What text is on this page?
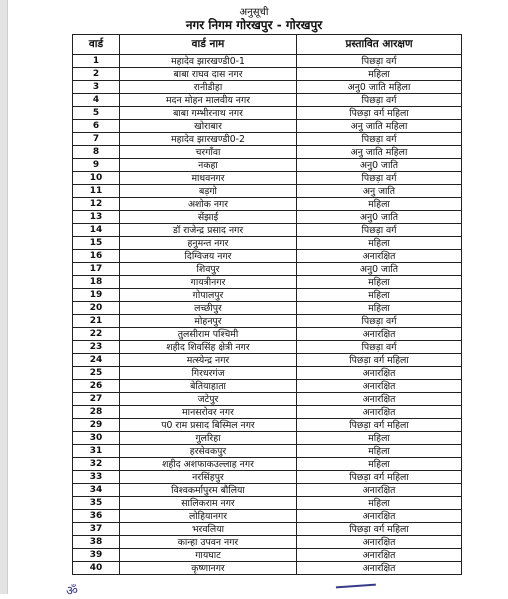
अनुसूची
नगर निगम गोरखपुर - गोरखपुर
वार्ड	वार्ड नाम	प्रस्तावित आरक्षण
1	महादेव झारखण्डी0-1	पिछड़ा वर्ग
2	बाबा राघव दास नगर	महिला
3	रानीडीहा	अनु0 जाति महिला
4	मदन मोहन मालवीय नगर	पिछड़ा वर्ग
5	बाबा गम्भीरनाथ नगर	पिछड़ा वर्ग महिला
6	खोराबार	अनु जाति महिला
7	महादेव झारखण्डी0-2	पिछड़ा वर्ग
8	चरगाँवा	अनु जाति महिला
9	नकहा	अनु0 जाति
10	माधवनगर	पिछड़ा वर्ग
11	बड़गो	अनु जाति
12	अशोक नगर	महिला
13	सेंझाई	अनु0 जाति
14	डॉ राजेन्द्र प्रसाद नगर	पिछड़ा वर्ग
15	हनुमन्त नगर	महिला
16	दिग्विजय नगर	अनारक्षित
17	शिवपुर	अनु0 जाति
18	गायत्रीनगर	महिला
19	गोपालपुर	महिला
20	लच्छीपुर	महिला
21	मोहनपुर	पिछड़ा वर्ग
22	तुलसीराम पश्चिमी	अनारक्षित
23	शहीद शिवसिंह क्षेत्री नगर	पिछड़ा वर्ग
24	मत्स्येन्द्र नगर	पिछड़ा वर्ग महिला
25	गिरधरगंज	अनारक्षित
26	बेतियाहाता	अनारक्षित
27	जटेपुर	अनारक्षित
28	मानसरोवर नगर	अनारक्षित
29	प0 राम प्रसाद बिस्मिल नगर	पिछड़ा वर्ग महिला
30	गुलरिहा	महिला
31	हरसेवकपुर	महिला
32	शहीद अशफाकउल्लाह नगर	महिला
33	नरसिंहपुर	पिछड़ा वर्ग महिला
34	विश्वकर्मापुरम बौलिया	अनारक्षित
35	सालिकराम नगर	महिला
36	लोहियानगर	अनारक्षित
37	भरवलिया	पिछड़ा वर्ग महिला
38	कान्हा उपवन नगर	अनारक्षित
39	गायघाट	अनारक्षित
40	कृष्णानगर	अनारक्षित
ॐ
